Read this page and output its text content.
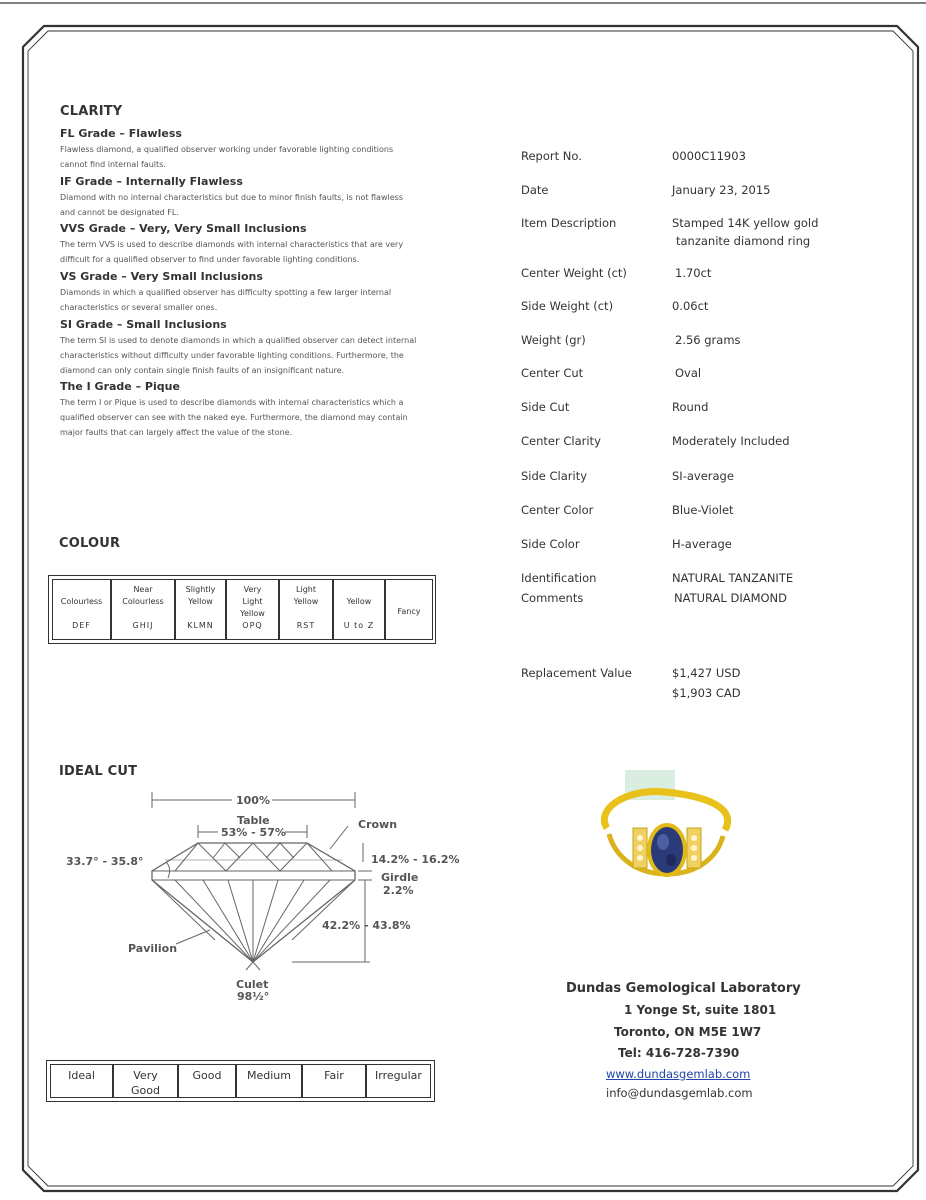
CLARITY
FL Grade – Flawless
Flawless diamond, a qualified observer working under favorable lighting conditions
cannot find internal faults.
IF Grade – Internally Flawless
Diamond with no internal characteristics but due to minor finish faults, is not flawless
and cannot be designated FL.
VVS Grade – Very, Very Small Inclusions
The term VVS is used to describe diamonds with internal characteristics that are very
difficult for a qualified observer to find under favorable lighting conditions.
VS Grade – Very Small Inclusions
Diamonds in which a qualified observer has difficulty spotting a few larger internal
characteristics or several smaller ones.
SI Grade – Small Inclusions
The term SI is used to denote diamonds in which a qualified observer can detect internal
characteristics without difficulty under favorable lighting conditions. Furthermore, the
diamond can only contain single finish faults of an insignificant nature.
The I Grade – Pique
The term I or Pique is used to describe diamonds with internal characteristics which a
qualified observer can see with the naked eye. Furthermore, the diamond may contain
major faults that can largely affect the value of the stone.
Report No.	0000C11903
Date	January 23, 2015
Item Description	Stamped 14K yellow gold
tanzanite diamond ring
Center Weight (ct)	1.70ct
Side Weight (ct)	0.06ct
Weight (gr)	2.56 grams
Center Cut	Oval
Side Cut	Round
Center Clarity	Moderately Included
Side Clarity	SI-average
Center Color	Blue-Violet
Side Color	H-average
Identification	NATURAL TANZANITE
Comments	NATURAL DIAMOND
Replacement Value	$1,427 USD
$1,903 CAD
COLOUR
Colourless
DEF
Near
Colourless
GHIJ
Slightly
Yellow
KLMN
Very
Light
Yellow
OPQ
Light
Yellow
RST
Yellow
U to Z
Fancy
IDEAL CUT
100%
Table
53% - 57%
Crown
33.7° - 35.8°	14.2% - 16.2%
Girdle
2.2%
42.2% - 43.8%
Pavilion
Culet
98½°
Ideal	Very
Good
Good	Medium	Fair	Irregular
Dundas Gemological Laboratory
1 Yonge St, suite 1801
Toronto, ON M5E 1W7
Tel: 416-728-7390
www.dundasgemlab.com
info@dundasgemlab.com
